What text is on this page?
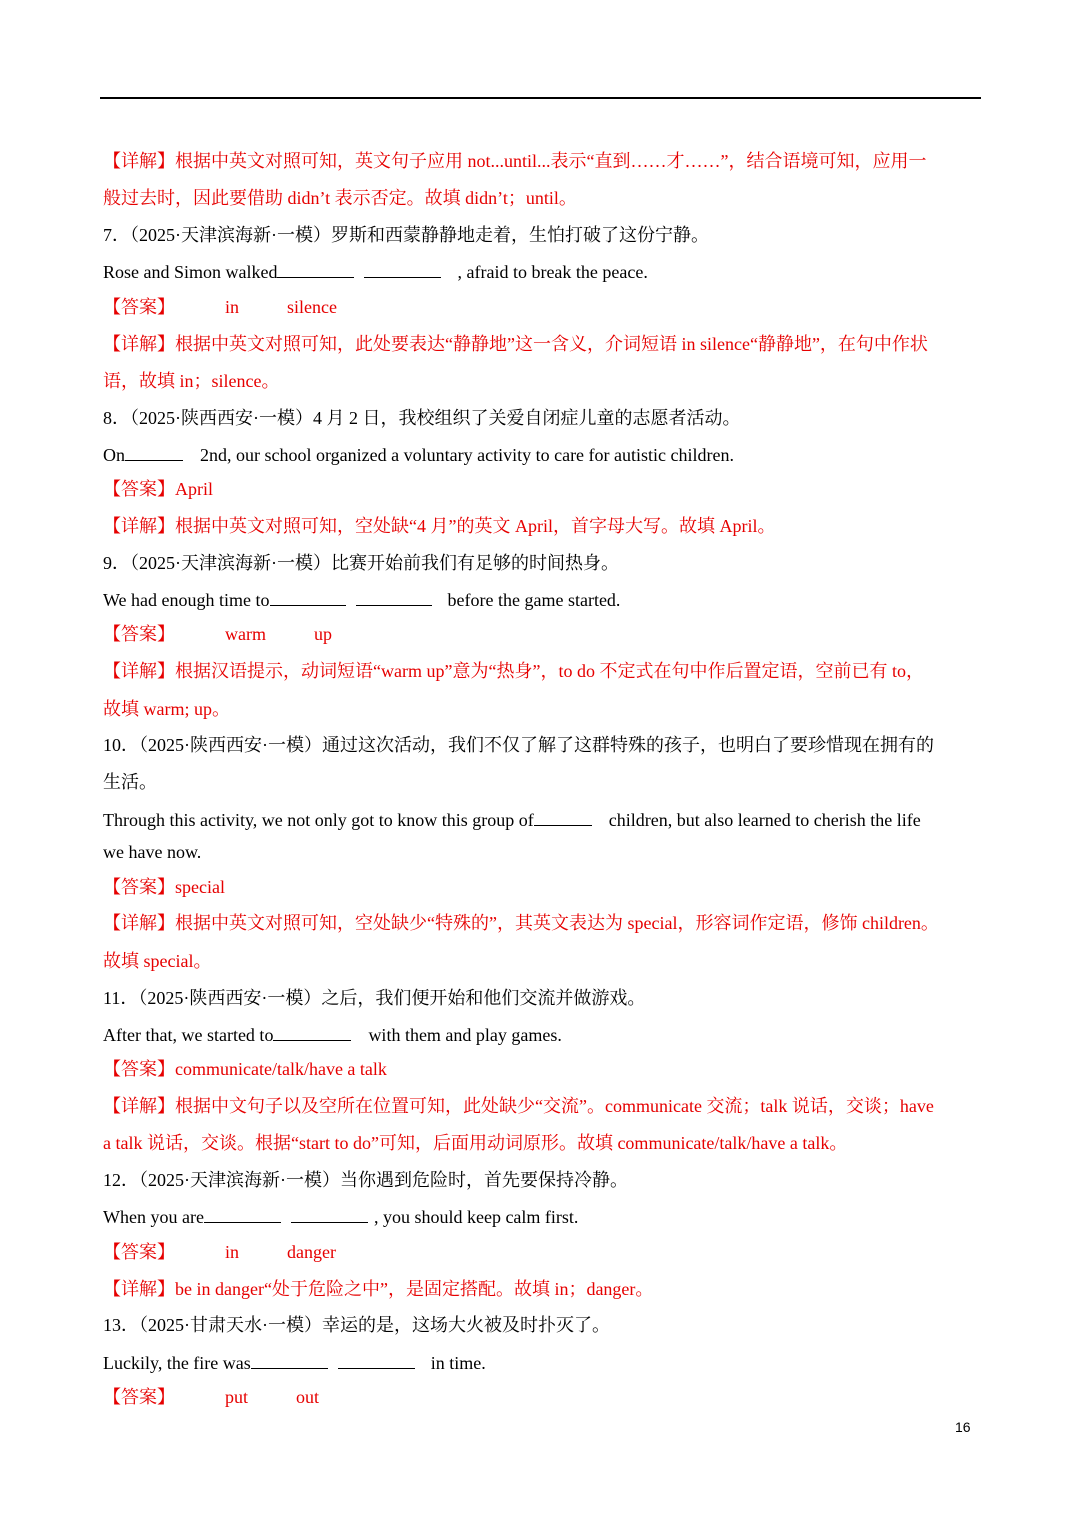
【详解】根据中英文对照可知，英文句子应用 not...until...表示“直到……才……”，结合语境可知，应用一
般过去时，因此要借助 didn’t 表示否定。故填 didn’t；until。
7．（2025·天津滨海新·一模）罗斯和西蒙静静地走着，生怕打破了这份宁静。
Rose and Simon walked	, afraid to break the peace.
【答案】	in	silence
【详解】根据中英文对照可知，此处要表达“静静地”这一含义，介词短语 in silence“静静地”，在句中作状
语，故填 in；silence。
8．（2025·陕西西安·一模）4 月 2 日，我校组织了关爱自闭症儿童的志愿者活动。
On	2nd, our school organized a voluntary activity to care for autistic children.
【答案】April
【详解】根据中英文对照可知，空处缺“4 月”的英文 April，首字母大写。故填 April。
9．（2025·天津滨海新·一模）比赛开始前我们有足够的时间热身。
We had enough time to	before the game started.
【答案】	warm	up
【详解】根据汉语提示，动词短语“warm up”意为“热身”，to do 不定式在句中作后置定语，空前已有 to，
故填 warm; up。
10．（2025·陕西西安·一模）通过这次活动，我们不仅了解了这群特殊的孩子，也明白了要珍惜现在拥有的
生活。
Through this activity, we not only got to know this group of	children, but also learned to cherish the life
we have now.
【答案】special
【详解】根据中英文对照可知，空处缺少“特殊的”，其英文表达为 special，形容词作定语，修饰 children。
故填 special。
11．（2025·陕西西安·一模）之后，我们便开始和他们交流并做游戏。
After that, we started to	with them and play games.
【答案】communicate/talk/have a talk
【详解】根据中文句子以及空所在位置可知，此处缺少“交流”。communicate 交流；talk 说话，交谈；have
a talk 说话，交谈。根据“start to do”可知，后面用动词原形。故填 communicate/talk/have a talk。
12．（2025·天津滨海新·一模）当你遇到危险时，首先要保持冷静。
When you are	, you should keep calm first.
【答案】	in	danger
【详解】be in danger“处于危险之中”，是固定搭配。故填 in；danger。
13．（2025·甘肃天水·一模）幸运的是，这场大火被及时扑灭了。
Luckily, the fire was	in time.
【答案】	put	out
16
